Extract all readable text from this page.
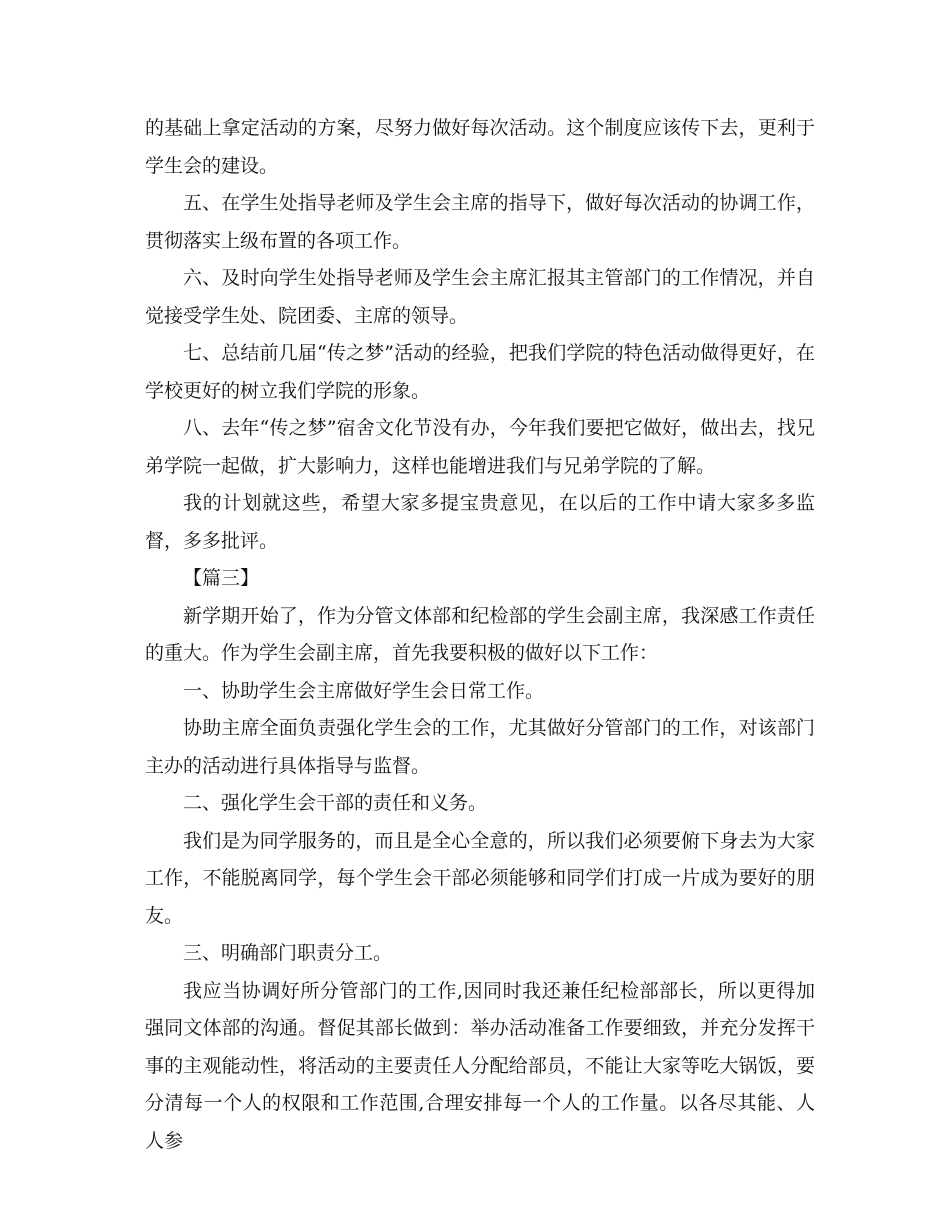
的基础上拿定活动的方案，尽努力做好每次活动。这个制度应该传下去，更利于学生会的建设。

五、在学生处指导老师及学生会主席的指导下，做好每次活动的协调工作，贯彻落实上级布置的各项工作。

六、及时向学生处指导老师及学生会主席汇报其主管部门的工作情况，并自觉接受学生处、院团委、主席的领导。

七、总结前几届“传之梦”活动的经验，把我们学院的特色活动做得更好，在学校更好的树立我们学院的形象。

八、去年“传之梦”宿舍文化节没有办，今年我们要把它做好，做出去，找兄弟学院一起做，扩大影响力，这样也能增进我们与兄弟学院的了解。

我的计划就这些，希望大家多提宝贵意见，在以后的工作中请大家多多监督，多多批评。

【篇三】

新学期开始了，作为分管文体部和纪检部的学生会副主席，我深感工作责任的重大。作为学生会副主席，首先我要积极的做好以下工作：

一、协助学生会主席做好学生会日常工作。

协助主席全面负责强化学生会的工作，尤其做好分管部门的工作，对该部门主办的活动进行具体指导与监督。

二、强化学生会干部的责任和义务。

我们是为同学服务的，而且是全心全意的，所以我们必须要俯下身去为大家工作，不能脱离同学，每个学生会干部必须能够和同学们打成一片成为要好的朋友。

三、明确部门职责分工。

我应当协调好所分管部门的工作,因同时我还兼任纪检部部长，所以更得加强同文体部的沟通。督促其部长做到：举办活动准备工作要细致，并充分发挥干事的主观能动性，将活动的主要责任人分配给部员，不能让大家等吃大锅饭，要分清每一个人的权限和工作范围,合理安排每一个人的工作量。以各尽其能、人人参
